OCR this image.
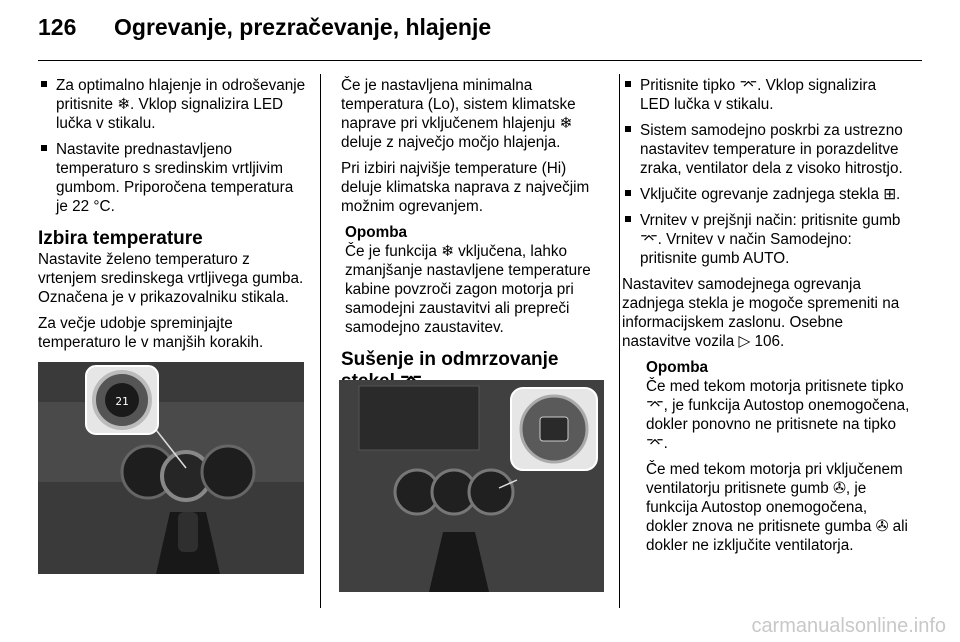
126 Ogrevanje, prezračevanje, hlajenje
Za optimalno hlajenje in odroševanje pritisnite ❄. Vklop signalizira LED lučka v stikalu.
Nastavite prednastavljeno temperaturo s sredinskim vrtljivim gumbom. Priporočena temperatura je 22 °C.
Izbira temperature

Nastavite želeno temperaturo z vrtenjem sredinskega vrtljivega gumba. Označena je v prikazovalniku stikala.

Za večje udobje spreminjajte temperaturo le v manjših korakih.

21

Če je nastavljena minimalna temperatura (Lo), sistem klimatske naprave pri vključenem hlajenju ❄ deluje z največjo močjo hlajenja.

Pri izbiri najvišje temperature (Hi) deluje klimatska naprava z največjim možnim ogrevanjem.

Opomba
Če je funkcija ❄ vključena, lahko zmanjšanje nastavljene temperature kabine povzroči zagon motorja pri samodejni zaustavitvi ali prepreči samodejno zaustavitev.
Sušenje in odmrzovanje
Pritisnite tipko ⌤. Vklop signalizira LED lučka v stikalu.
Sistem samodejno poskrbi za ustrezno nastavitev temperature in porazdelitve zraka, ventilator dela z visoko hitrostjo.
Vključite ogrevanje zadnjega stekla ⊞.
Vrnitev v prejšnji način: pritisnite gumb ⌤. Vrnitev v način Samodejno: pritisnite gumb AUTO.

Nastavitev samodejnega ogrevanja zadnjega stekla je mogoče spremeniti na informacijskem zaslonu. Osebne nastavitve vozila ▷ 106.

Opomba
Če med tekom motorja pritisnete tipko ⌤, je funkcija Autostop onemogočena, dokler ponovno ne pritisnete na tipko ⌤.
Če med tekom motorja pri vključenem ventilatorju pritisnete gumb ✇, je funkcija Autostop onemogočena, dokler znova ne pritisnete gumba ✇ ali dokler ne izključite ventilatorja.
carmanualsonline.info
